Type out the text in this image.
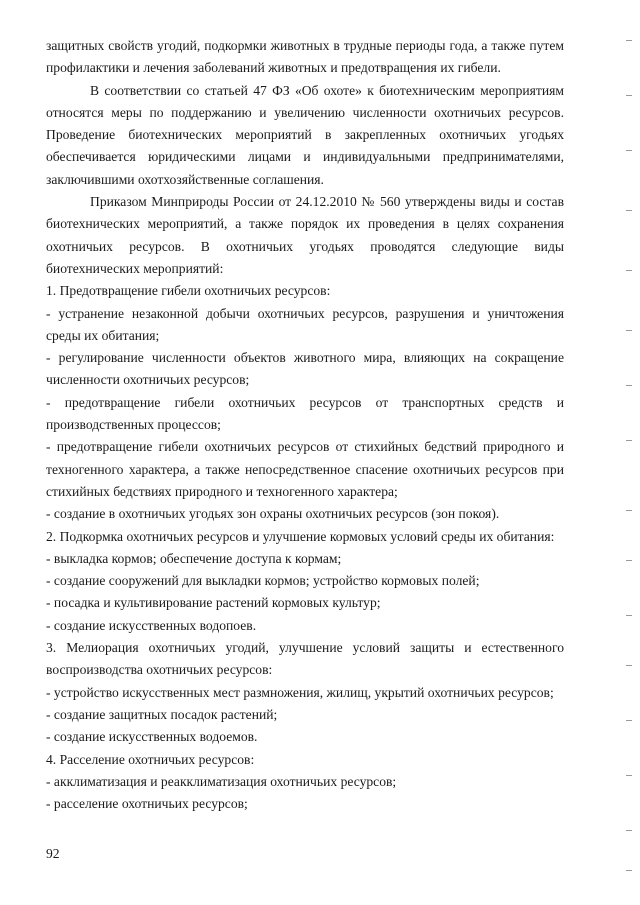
защитных свойств угодий, подкормки животных в трудные периоды года, а также путем профилактики и лечения заболеваний животных и предотвращения их гибели.

В соответствии со статьей 47 ФЗ «Об охоте» к биотехническим мероприятиям относятся меры по поддержанию и увеличению численности охотничьих ресурсов. Проведение биотехнических мероприятий в закрепленных охотничьих угодьях обеспечивается юридическими лицами и индивидуальными предпринимателями, заключившими охотхозяйственные соглашения.

Приказом Минприроды России от 24.12.2010 № 560 утверждены виды и состав биотехнических мероприятий, а также порядок их проведения в целях сохранения охотничьих ресурсов. В охотничьих угодьях проводятся следующие виды биотехнических мероприятий:

1. Предотвращение гибели охотничьих ресурсов:

- устранение незаконной добычи охотничьих ресурсов, разрушения и уничтожения среды их обитания;

- регулирование численности объектов животного мира, влияющих на сокращение численности охотничьих ресурсов;

- предотвращение гибели охотничьих ресурсов от транспортных средств и производственных процессов;

- предотвращение гибели охотничьих ресурсов от стихийных бедствий природного и техногенного характера, а также непосредственное спасение охотничьих ресурсов при стихийных бедствиях природного и техногенного характера;

- создание в охотничьих угодьях зон охраны охотничьих ресурсов (зон покоя).

2. Подкормка охотничьих ресурсов и улучшение кормовых условий среды их обитания:

- выкладка кормов; обеспечение доступа к кормам;

- создание сооружений для выкладки кормов; устройство кормовых полей;

- посадка и культивирование растений кормовых культур;

- создание искусственных водопоев.

3. Мелиорация охотничьих угодий, улучшение условий защиты и естественного воспроизводства охотничьих ресурсов:

- устройство искусственных мест размножения, жилищ, укрытий охотничьих ресурсов;

- создание защитных посадок растений;

- создание искусственных водоемов.

4. Расселение охотничьих ресурсов:

- акклиматизация и реакклиматизация охотничьих ресурсов;

- расселение охотничьих ресурсов;

92
